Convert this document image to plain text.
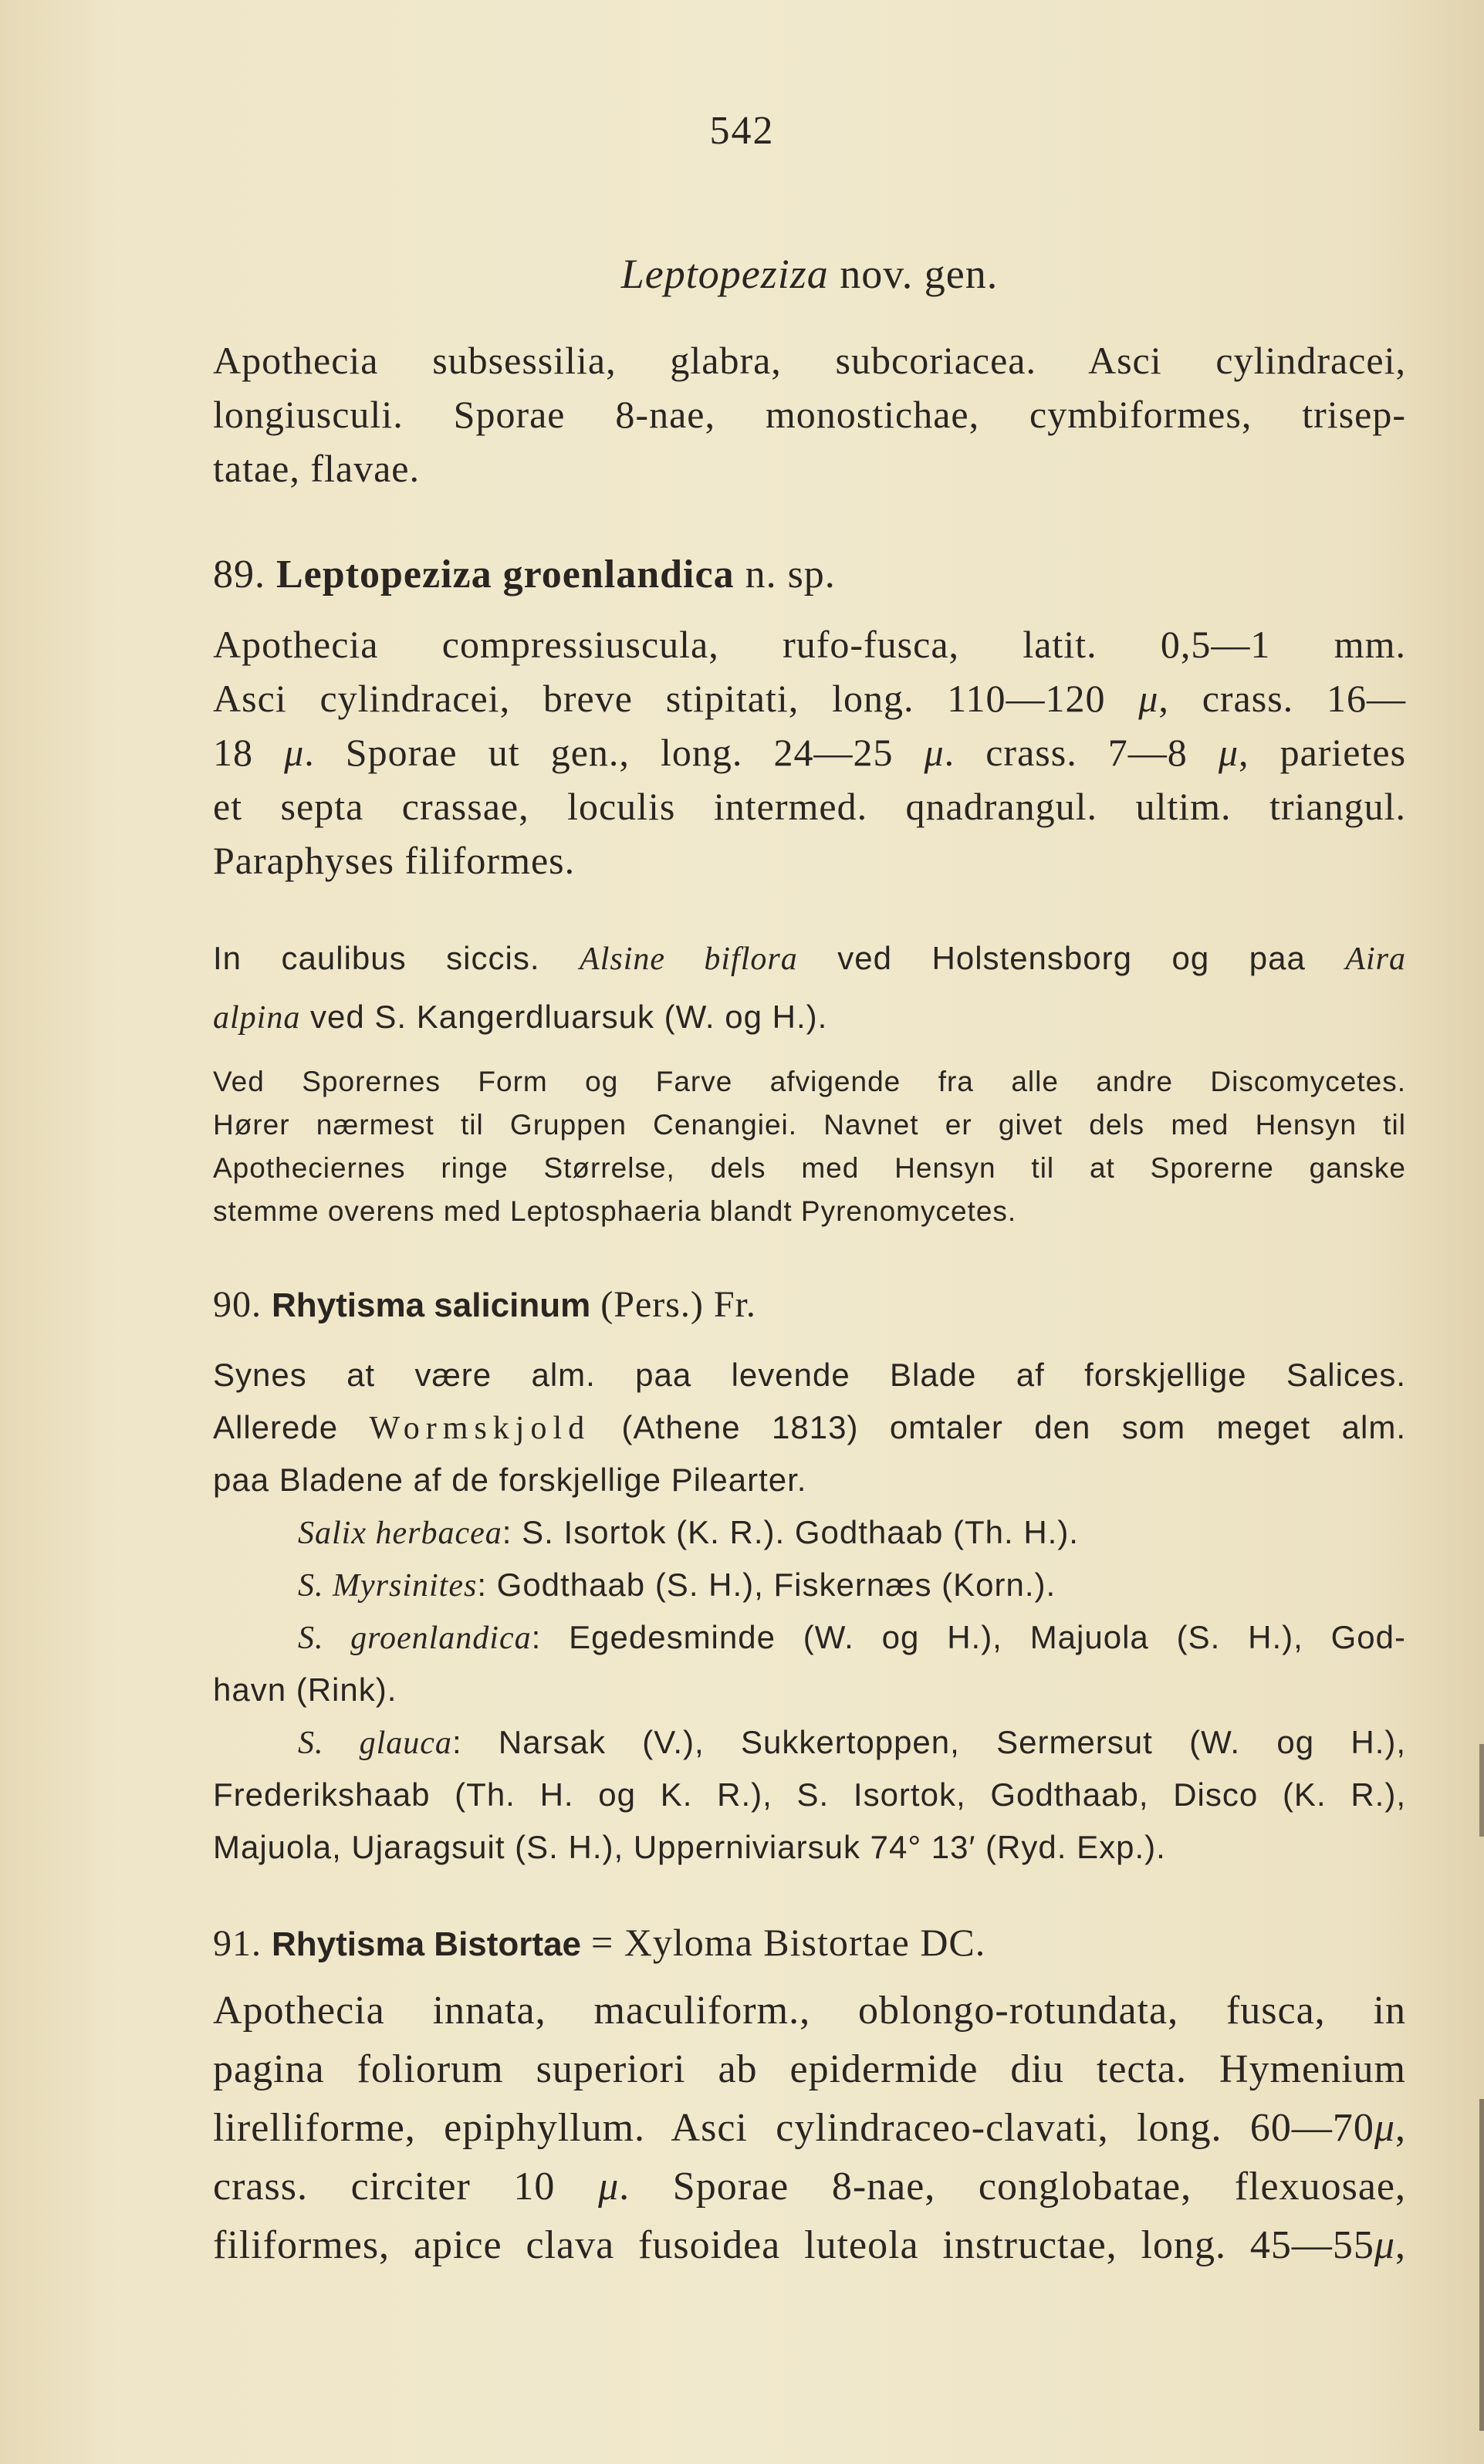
542
Leptopeziza nov. gen.
Apothecia subsessilia, glabra, subcoriacea. Asci cylindracei,
longiusculi. Sporae 8-nae, monostichae, cymbiformes, trisep-
tatae, flavae.
89. Leptopeziza groenlandica n. sp.
Apothecia compressiuscula, rufo-fusca, latit. 0,5—1 mm.
Asci cylindracei, breve stipitati, long. 110—120 μ, crass. 16—
18 μ. Sporae ut gen., long. 24—25 μ. crass. 7—8 μ, parietes
et septa crassae, loculis intermed. qnadrangul. ultim. triangul.
Paraphyses filiformes.
In caulibus siccis. Alsine biflora ved Holstensborg og paa Aira
alpina ved S. Kangerdluarsuk (W. og H.).
Ved Sporernes Form og Farve afvigende fra alle andre Discomycetes.
Hører nærmest til Gruppen Cenangiei. Navnet er givet dels med Hensyn til
Apotheciernes ringe Størrelse, dels med Hensyn til at Sporerne ganske
stemme overens med Leptosphaeria blandt Pyrenomycetes.
90. Rhytisma salicinum (Pers.) Fr.
Synes at være alm. paa levende Blade af forskjellige Salices.
Allerede Wormskjold (Athene 1813) omtaler den som meget alm.
paa Bladene af de forskjellige Pilearter.
Salix herbacea: S. Isortok (K. R.). Godthaab (Th. H.).
S. Myrsinites: Godthaab (S. H.), Fiskernæs (Korn.).
S. groenlandica: Egedesminde (W. og H.), Majuola (S. H.), God-
havn (Rink).
S. glauca: Narsak (V.), Sukkertoppen, Sermersut (W. og H.),
Frederikshaab (Th. H. og K. R.), S. Isortok, Godthaab, Disco (K. R.),
Majuola, Ujaragsuit (S. H.), Upperniviarsuk 74° 13′ (Ryd. Exp.).
91. Rhytisma Bistortae = Xyloma Bistortae DC.
Apothecia innata, maculiform., oblongo-rotundata, fusca, in
pagina foliorum superiori ab epidermide diu tecta. Hymenium
lirelliforme, epiphyllum. Asci cylindraceo-clavati, long. 60—70μ,
crass. circiter 10 μ. Sporae 8-nae, conglobatae, flexuosae,
filiformes, apice clava fusoidea luteola instructae, long. 45—55μ,
